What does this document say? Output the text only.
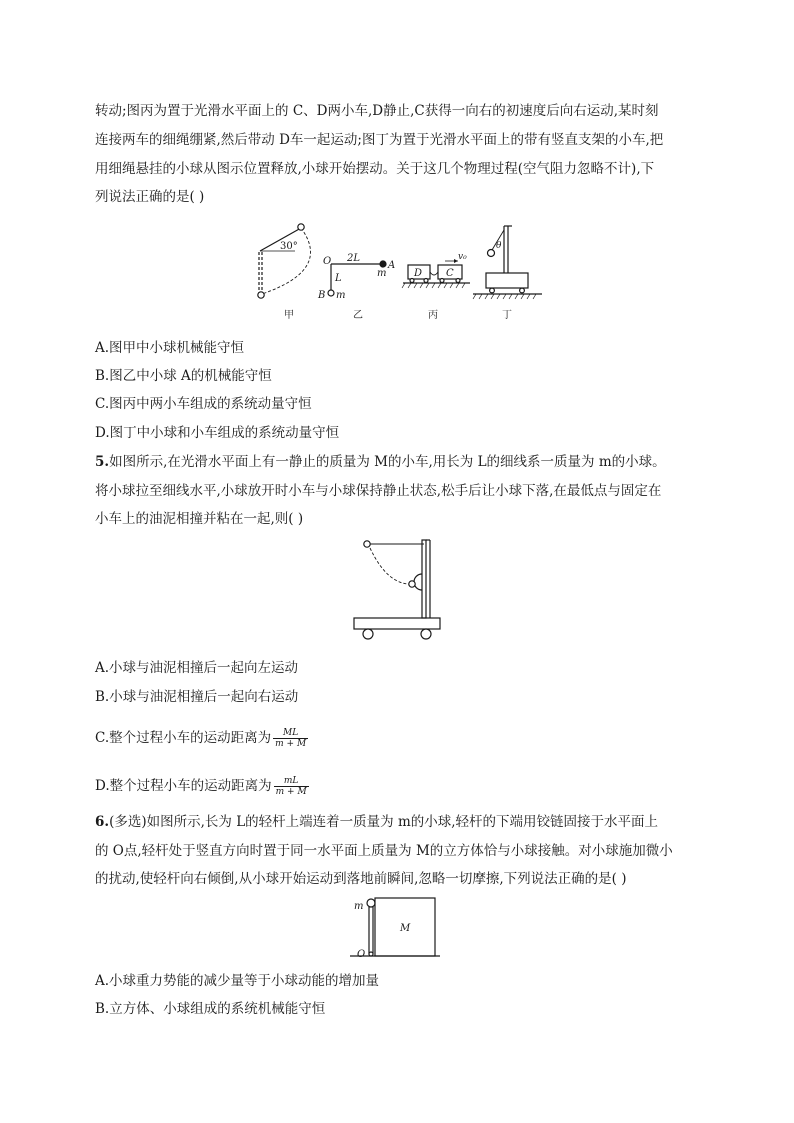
转动;图丙为置于光滑水平面上的 C、D两小车,D静止,C获得一向右的初速度后向右运动,某时刻
连接两车的细绳绷紧,然后带动 D车一起运动;图丁为置于光滑水平面上的带有竖直支架的小车,把
用细绳悬挂的小球从图示位置释放,小球开始摆动。关于这几个物理过程(空气阻力忽略不计),下
列说法正确的是( )
30°
2L
O	A
m
L
B m
D C
v₀
θ
甲	乙	丙	丁
A.图甲中小球机械能守恒
B.图乙中小球 A的机械能守恒
C.图丙中两小车组成的系统动量守恒
D.图丁中小球和小车组成的系统动量守恒
5.如图所示,在光滑水平面上有一静止的质量为 M的小车,用长为 L的细线系一质量为 m的小球。
将小球拉至细线水平,小球放开时小车与小球保持静止状态,松手后让小球下落,在最低点与固定在
小车上的油泥相撞并粘在一起,则( )
A.小球与油泥相撞后一起向左运动
B.小球与油泥相撞后一起向右运动
C.整个过程小车的运动距离为 $\frac{ML}{m + M}$
D.整个过程小车的运动距离为 $\frac{mL}{m + M}$
6.(多选)如图所示,长为 L的轻杆上端连着一质量为 m的小球,轻杆的下端用铰链固接于水平面上
的 O点,轻杆处于竖直方向时置于同一水平面上质量为 M的立方体恰与小球接触。对小球施加微小
的扰动,使轻杆向右倾倒,从小球开始运动到落地前瞬间,忽略一切摩擦,下列说法正确的是( )
m
M
O
A.小球重力势能的减少量等于小球动能的增加量
B.立方体、小球组成的系统机械能守恒
